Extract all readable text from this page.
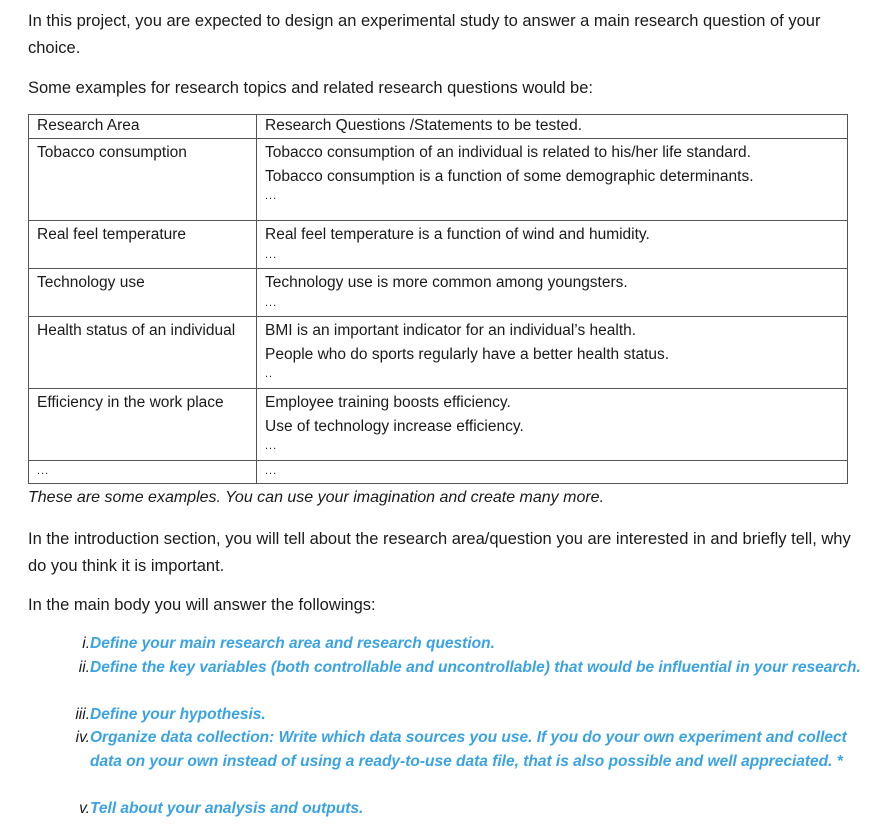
In this project, you are expected to design an experimental study to answer a main research question of your choice.

Some examples for research topics and related research questions would be:

Research Area	Research Questions /Statements to be tested.
Tobacco consumption	Tobacco consumption of an individual is related to his/her life standard.
Tobacco consumption is a function of some demographic determinants.
...

Real feel temperature	Real feel temperature is a function of wind and humidity.
...

Technology use	Technology use is more common among youngsters.
...

Health status of an individual	BMI is an important indicator for an individual’s health.
People who do sports regularly have a better health status.
..

Efficiency in the work place	Employee training boosts efficiency.
Use of technology increase efficiency.
...

...	...

These are some examples. You can use your imagination and create many more.

In the introduction section, you will tell about the research area/question you are interested in and briefly tell, why do you think it is important.

In the main body you will answer the followings:

i. Define your main research area and research question.
ii. Define the key variables (both controllable and uncontrollable) that would be influential in your research.
iii. Define your hypothesis.
iv. Organize data collection: Write which data sources you use. If you do your own experiment and collect data on your own instead of using a ready-to-use data file, that is also possible and well appreciated. *
v. Tell about your analysis and outputs.
